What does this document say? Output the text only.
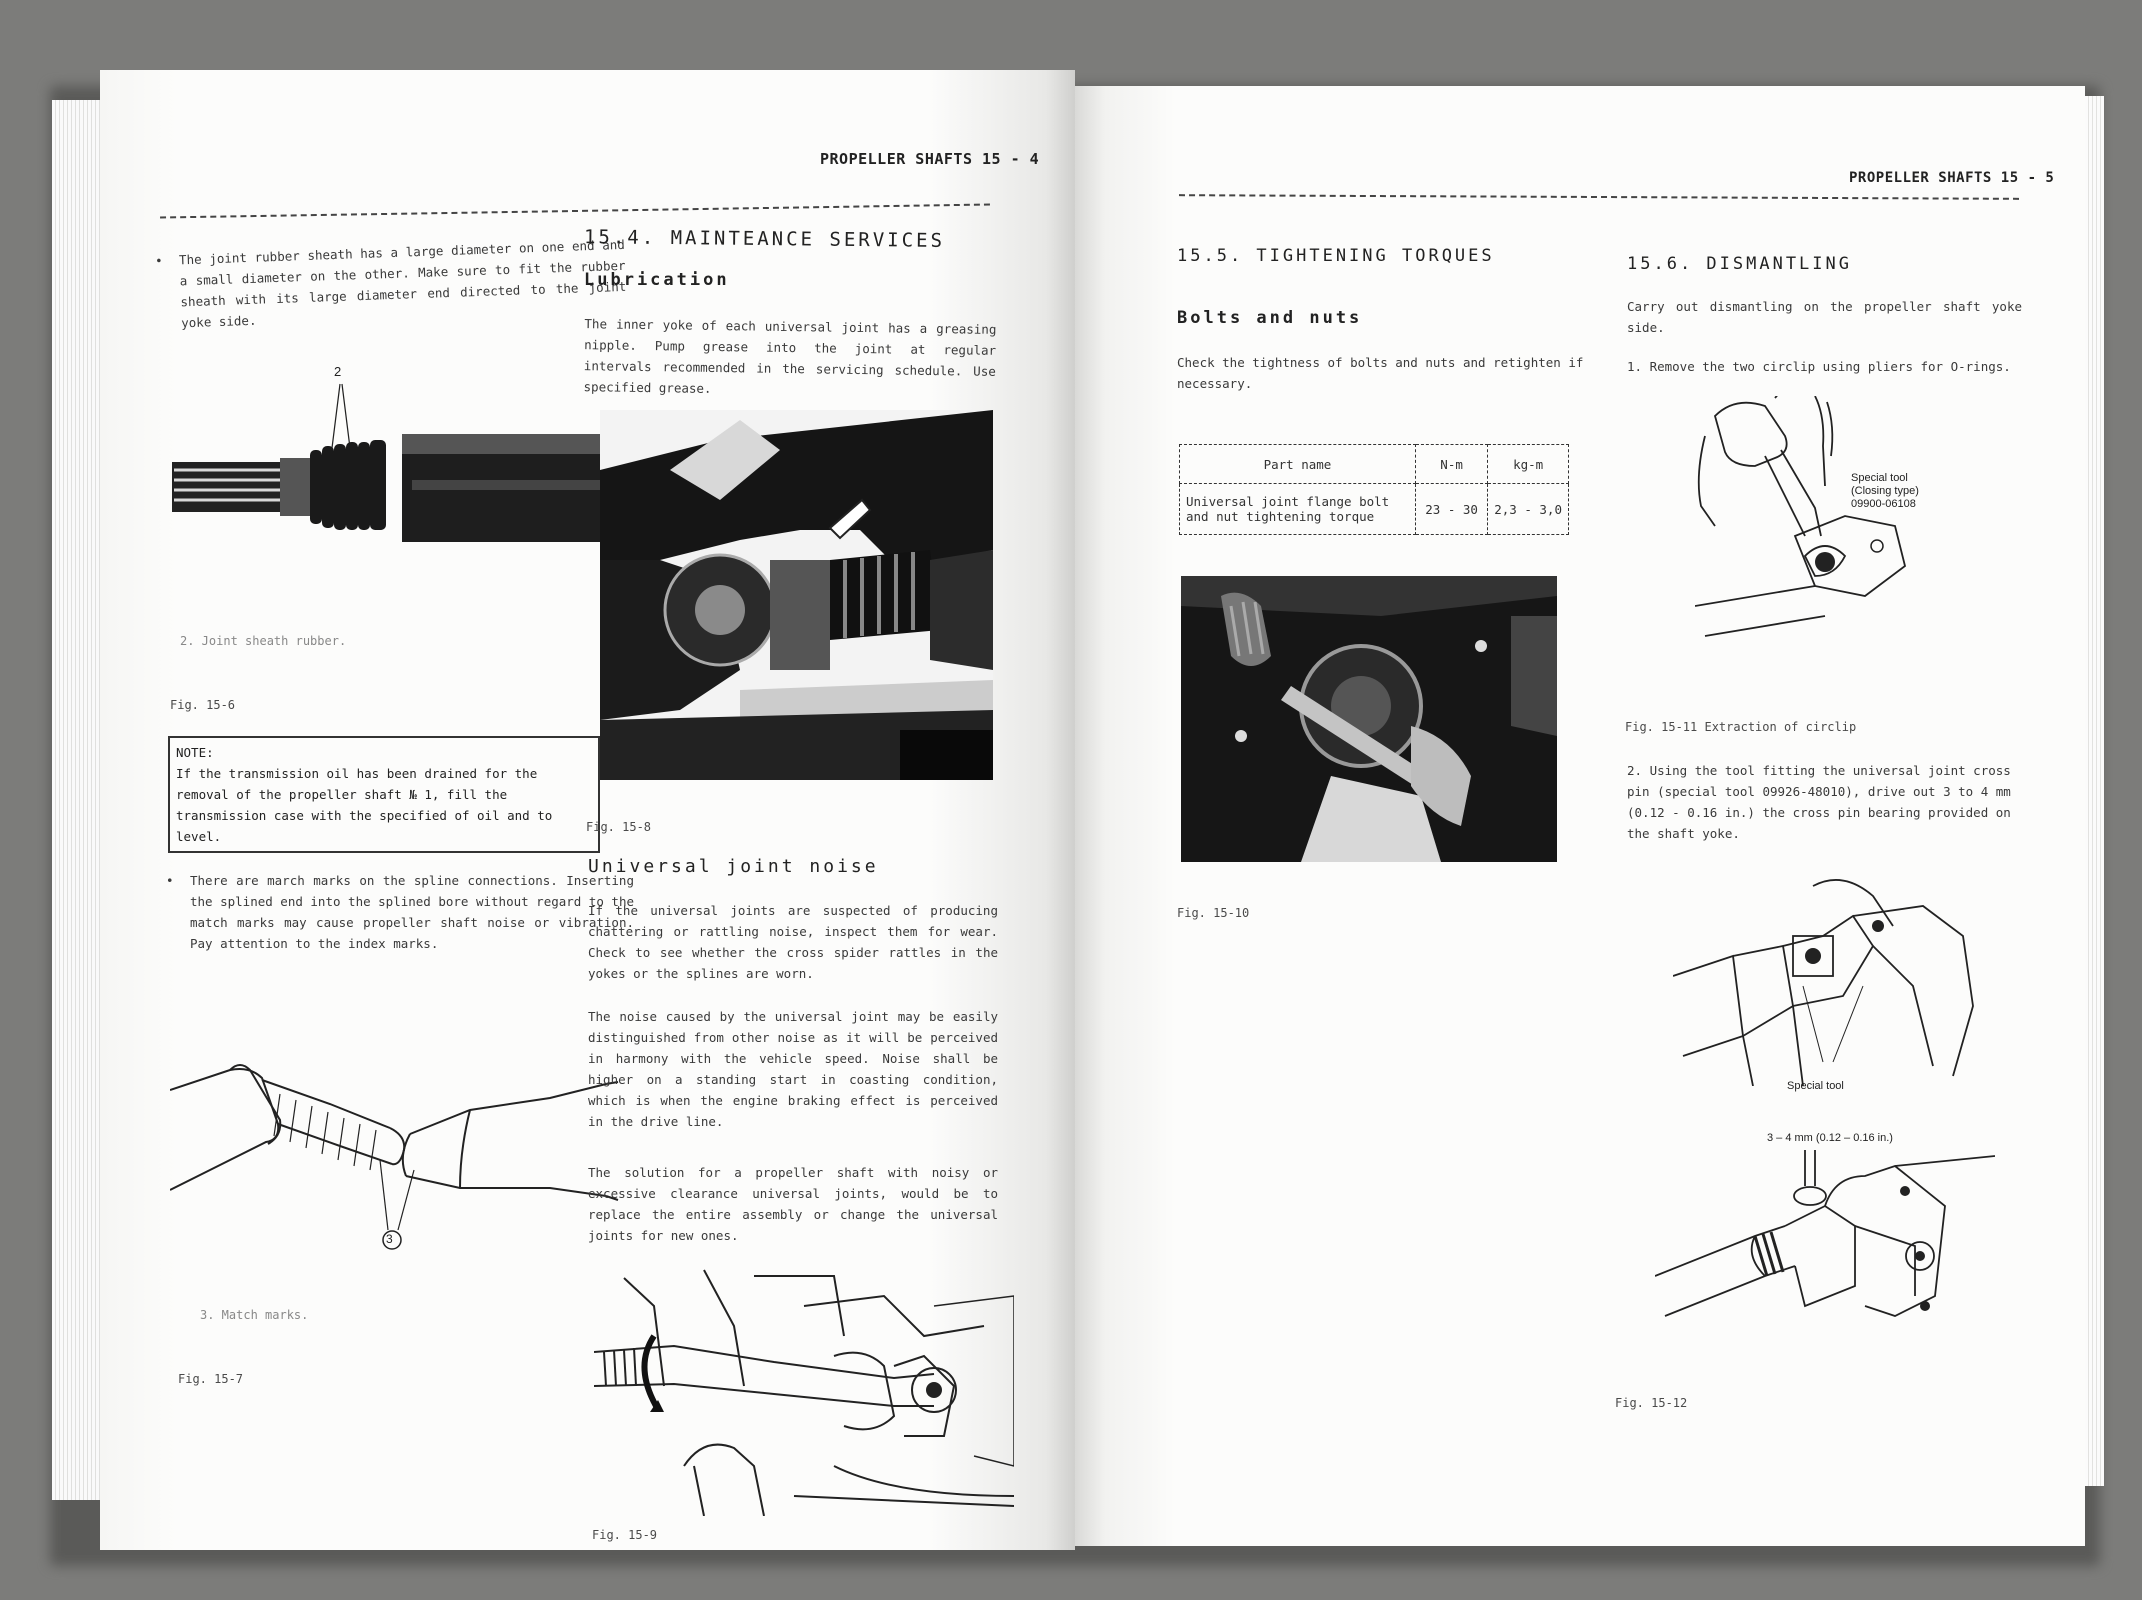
PROPELLER SHAFTS 15 - 4
• The joint rubber sheath has a large diameter on one end and a small diameter on the other. Make sure to fit the rubber sheath with its large diameter end directed to the joint yoke side.
2
2. Joint sheath rubber.
Fig. 15-6
NOTE:
If the transmission oil has been drained for the removal of the propeller shaft № 1, fill the transmission case with the specified of oil and to level.
• There are march marks on the spline connections. Inserting the splined end into the splined bore without regard to the match marks may cause propeller shaft noise or vibration. Pay attention to the index marks.
3
3. Match marks.
Fig. 15-7
15.4. MAINTEANCE SERVICES
Lubrication
The inner yoke of each universal joint has a greasing nipple. Pump grease into the joint at regular intervals recommended in the servicing schedule. Use specified grease.
Fig. 15-8
Universal joint noise
If the universal joints are suspected of producing chattering or rattling noise, inspect them for wear. Check to see whether the cross spider rattles in the yokes or the splines are worn.
The noise caused by the universal joint may be easily distinguished from other noise as it will be perceived in harmony with the vehicle speed. Noise shall be higher on a standing start in coasting condition, which is when the engine braking effect is perceived in the drive line.
The solution for a propeller shaft with noisy or excessive clearance universal joints, would be to replace the entire assembly or change the universal joints for new ones.
Fig. 15-9
PROPELLER SHAFTS 15 - 5
15.5. TIGHTENING TORQUES
Bolts and nuts
Check the tightness of bolts and nuts and retighten if necessary.
Part name	N-m	kg-m
Universal joint flange bolt and nut tightening torque	23 - 30	2,3 - 3,0
Fig. 15-10
15.6. DISMANTLING
Carry out dismantling on the propeller shaft yoke side.
1. Remove the two circlip using pliers for O-rings.
Special tool
(Closing type)
09900-06108
Fig. 15-11 Extraction of circlip
2. Using the tool fitting the universal joint cross pin (special tool 09926-48010), drive out 3 to 4 mm (0.12 - 0.16 in.) the cross pin bearing provided on the shaft yoke.
Special tool
3 – 4 mm (0.12 – 0.16 in.)
Fig. 15-12
